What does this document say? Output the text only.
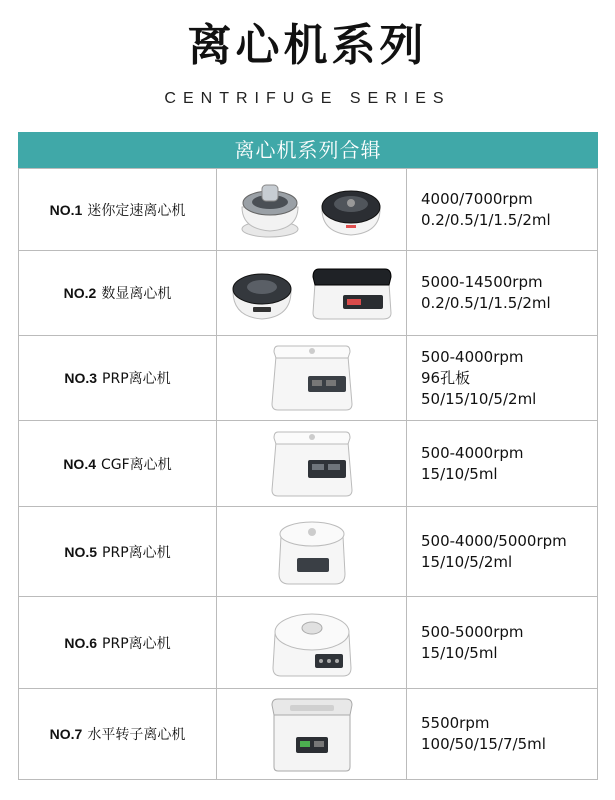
离心机系列
CENTRIFUGE SERIES
离心机系列合辑
NO.1 迷你定速离心机
4000/7000rpm
0.2/0.5/1/1.5/2ml
NO.2 数显离心机
5000-14500rpm
0.2/0.5/1/1.5/2ml
NO.3 PRP离心机
500-4000rpm
96孔板
50/15/10/5/2ml
NO.4 CGF离心机
500-4000rpm
15/10/5ml
NO.5 PRP离心机
500-4000/5000rpm
15/10/5/2ml
NO.6 PRP离心机
500-5000rpm
15/10/5ml
NO.7 水平转子离心机
5500rpm
100/50/15/7/5ml
